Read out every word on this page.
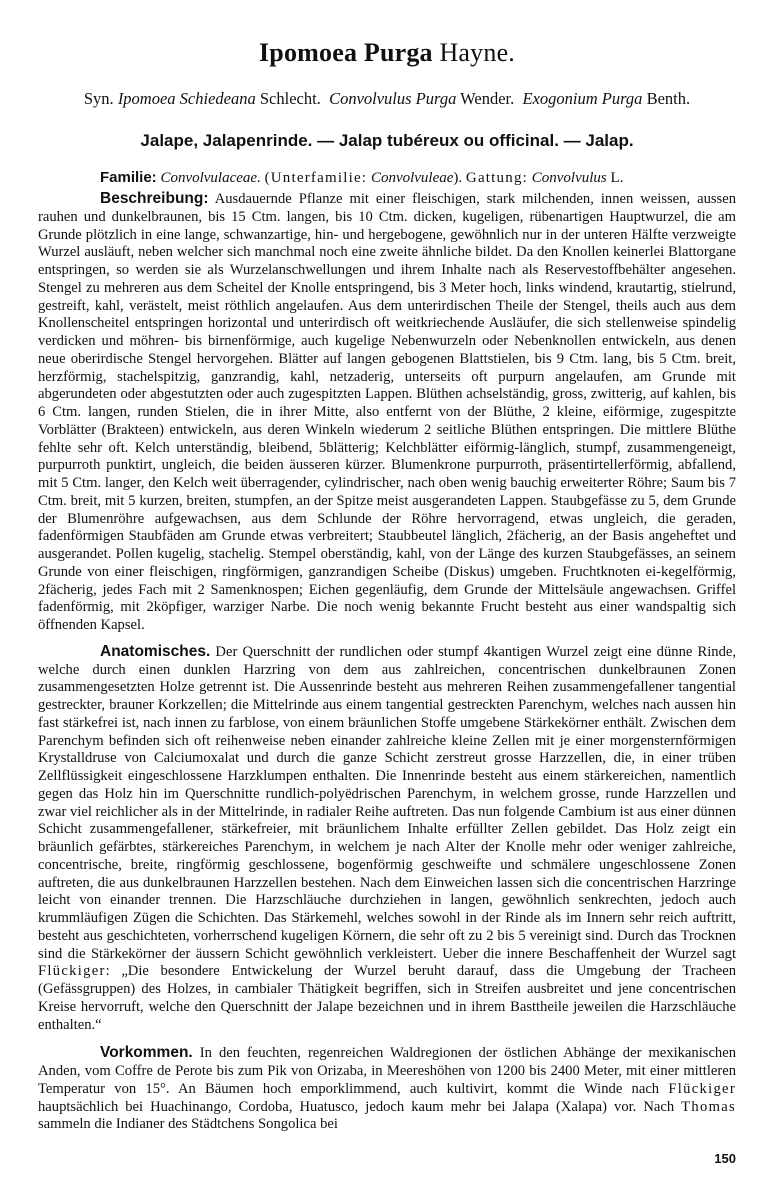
Ipomoea Purga Hayne.
Syn. Ipomoea Schiedeana Schlecht. Convolvulus Purga Wender. Exogonium Purga Benth.
Jalape, Jalapenrinde. — Jalap tubéreux ou officinal. — Jalap.
Familie: Convolvulaceae. (Unterfamilie: Convolvuleae). Gattung: Convolvulus L.

Beschreibung: Ausdauernde Pflanze mit einer fleischigen, stark milchenden, innen weissen, aussen rauhen und dunkelbraunen, bis 15 Ctm. langen, bis 10 Ctm. dicken, kugeligen, rübenartigen Hauptwurzel, die am Grunde plötzlich in eine lange, schwanzartige, hin- und hergebogene, gewöhnlich nur in der unteren Hälfte verzweigte Wurzel ausläuft, neben welcher sich manchmal noch eine zweite ähnliche bildet. Da den Knollen keinerlei Blattorgane entspringen, so werden sie als Wurzelanschwellungen und ihrem Inhalte nach als Reservestoffbehälter angesehen. Stengel zu mehreren aus dem Scheitel der Knolle entspringend, bis 3 Meter hoch, links windend, krautartig, stielrund, gestreift, kahl, verästelt, meist röthlich angelaufen. Aus dem unterirdischen Theile der Stengel, theils auch aus dem Knollenscheitel entspringen horizontal und unterirdisch oft weitkriechende Ausläufer, die sich stellenweise spindelig verdicken und möhren- bis birnenförmige, auch kugelige Nebenwurzeln oder Nebenknollen entwickeln, aus denen neue oberirdische Stengel hervorgehen. Blätter auf langen gebogenen Blattstielen, bis 9 Ctm. lang, bis 5 Ctm. breit, herzförmig, stachelspitzig, ganzrandig, kahl, netzaderig, unterseits oft purpurn angelaufen, am Grunde mit abgerundeten oder abgestutzten oder auch zugespitzten Lappen. Blüthen achselständig, gross, zwitterig, auf kahlen, bis 6 Ctm. langen, runden Stielen, die in ihrer Mitte, also entfernt von der Blüthe, 2 kleine, eiförmige, zugespitzte Vorblätter (Brakteen) entwickeln, aus deren Winkeln wiederum 2 seitliche Blüthen entspringen. Die mittlere Blüthe fehlte sehr oft. Kelch unterständig, bleibend, 5blätterig; Kelchblätter eiförmig-länglich, stumpf, zusammengeneigt, purpurroth punktirt, ungleich, die beiden äusseren kürzer. Blumenkrone purpurroth, präsentirtellerförmig, abfallend, mit 5 Ctm. langer, den Kelch weit überragender, cylindrischer, nach oben wenig bauchig erweiterter Röhre; Saum bis 7 Ctm. breit, mit 5 kurzen, breiten, stumpfen, an der Spitze meist ausgerandeten Lappen. Staubgefässe zu 5, dem Grunde der Blumenröhre aufgewachsen, aus dem Schlunde der Röhre hervorragend, etwas ungleich, die geraden, fadenförmigen Staubfäden am Grunde etwas verbreitert; Staubbeutel länglich, 2fächerig, an der Basis angeheftet und ausgerandet. Pollen kugelig, stachelig. Stempel oberständig, kahl, von der Länge des kurzen Staubgefässes, an seinem Grunde von einer fleischigen, ringförmigen, ganzrandigen Scheibe (Diskus) umgeben. Fruchtknoten ei-kegelförmig, 2fächerig, jedes Fach mit 2 Samenknospen; Eichen gegenläufig, dem Grunde der Mittelsäule angewachsen. Griffel fadenförmig, mit 2köpfiger, warziger Narbe. Die noch wenig bekannte Frucht besteht aus einer wandspaltig sich öffnenden Kapsel.

Anatomisches. Der Querschnitt der rundlichen oder stumpf 4kantigen Wurzel zeigt eine dünne Rinde, welche durch einen dunklen Harzring von dem aus zahlreichen, concentrischen dunkelbraunen Zonen zusammengesetzten Holze getrennt ist. Die Aussenrinde besteht aus mehreren Reihen zusammengefallener tangential gestreckter, brauner Korkzellen; die Mittelrinde aus einem tangential gestreckten Parenchym, welches nach aussen hin fast stärkefrei ist, nach innen zu farblose, von einem bräunlichen Stoffe umgebene Stärkekörner enthält. Zwischen dem Parenchym befinden sich oft reihenweise neben einander zahlreiche kleine Zellen mit je einer morgensternförmigen Krystalldruse von Calciumoxalat und durch die ganze Schicht zerstreut grosse Harzzellen, die, in einer trüben Zellflüssigkeit eingeschlossene Harzklumpen enthalten. Die Innenrinde besteht aus einem stärkereichen, namentlich gegen das Holz hin im Querschnitte rundlich-polyëdrischen Parenchym, in welchem grosse, runde Harzzellen und zwar viel reichlicher als in der Mittelrinde, in radialer Reihe auftreten. Das nun folgende Cambium ist aus einer dünnen Schicht zusammengefallener, stärkefreier, mit bräunlichem Inhalte erfüllter Zellen gebildet. Das Holz zeigt ein bräunlich gefärbtes, stärkereiches Parenchym, in welchem je nach Alter der Knolle mehr oder weniger zahlreiche, concentrische, breite, ringförmig geschlossene, bogenförmig geschweifte und schmälere ungeschlossene Zonen auftreten, die aus dunkelbraunen Harzzellen bestehen. Nach dem Einweichen lassen sich die concentrischen Harzringe leicht von einander trennen. Die Harzschläuche durchziehen in langen, gewöhnlich senkrechten, jedoch auch krummläufigen Zügen die Schichten. Das Stärkemehl, welches sowohl in der Rinde als im Innern sehr reich auftritt, besteht aus geschichteten, vorherrschend kugeligen Körnern, die sehr oft zu 2 bis 5 vereinigt sind. Durch das Trocknen sind die Stärkekörner der äussern Schicht gewöhnlich verkleistert. Ueber die innere Beschaffenheit der Wurzel sagt Flückiger: „Die besondere Entwickelung der Wurzel beruht darauf, dass die Umgebung der Tracheen (Gefässgruppen) des Holzes, in cambialer Thätigkeit begriffen, sich in Streifen ausbreitet und jene concentrischen Kreise hervorruft, welche den Querschnitt der Jalape bezeichnen und in ihrem Basttheile jeweilen die Harzschläuche enthalten.“

Vorkommen. In den feuchten, regenreichen Waldregionen der östlichen Abhänge der mexikanischen Anden, vom Coffre de Perote bis zum Pik von Orizaba, in Meereshöhen von 1200 bis 2400 Meter, mit einer mittleren Temperatur von 15°. An Bäumen hoch emporklimmend, auch kultivirt, kommt die Winde nach Flückiger hauptsächlich bei Huachinango, Cordoba, Huatusco, jedoch kaum mehr bei Jalapa (Xalapa) vor. Nach Thomas sammeln die Indianer des Städtchens Songolica bei

150
